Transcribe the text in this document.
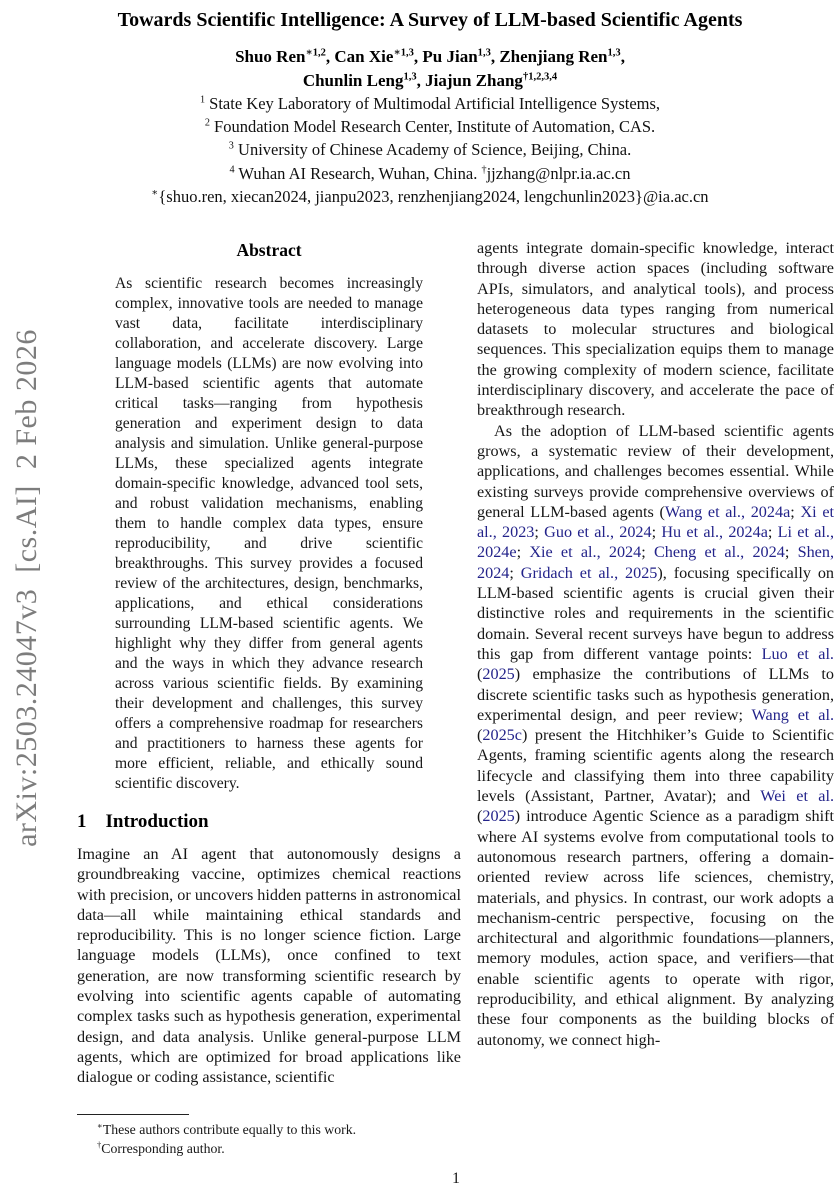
arXiv:2503.24047v3  [cs.AI]  2 Feb 2026
Towards Scientific Intelligence: A Survey of LLM-based Scientific Agents
Shuo Ren$^{∗1,2}$, Can Xie$^{∗1,3}$, Pu Jian$^{1,3}$, Zhenjiang Ren$^{1,3}$,
Chunlin Leng$^{1,3}$, Jiajun Zhang$^{\dagger 1,2,3,4}$
$^1$ State Key Laboratory of Multimodal Artificial Intelligence Systems,
$^2$ Foundation Model Research Center, Institute of Automation, CAS.
$^3$ University of Chinese Academy of Science, Beijing, China.
$^4$ Wuhan AI Research, Wuhan, China. †jjzhang@nlpr.ia.ac.cn
∗{shuo.ren, xiecan2024, jianpu2023, renzhenjiang2024, lengchunlin2023}@ia.ac.cn
Abstract

As scientific research becomes increasingly complex, innovative tools are needed to manage vast data, facilitate interdisciplinary collaboration, and accelerate discovery. Large language models (LLMs) are now evolving into LLM-based scientific agents that automate critical tasks—ranging from hypothesis generation and experiment design to data analysis and simulation. Unlike general-purpose LLMs, these specialized agents integrate domain-specific knowledge, advanced tool sets, and robust validation mechanisms, enabling them to handle complex data types, ensure reproducibility, and drive scientific breakthroughs. This survey provides a focused review of the architectures, design, benchmarks, applications, and ethical considerations surrounding LLM-based scientific agents. We highlight why they differ from general agents and the ways in which they advance research across various scientific fields. By examining their development and challenges, this survey offers a comprehensive roadmap for researchers and practitioners to harness these agents for more efficient, reliable, and ethically sound scientific discovery.

1 Introduction

Imagine an AI agent that autonomously designs a groundbreaking vaccine, optimizes chemical reactions with precision, or uncovers hidden patterns in astronomical data—all while maintaining ethical standards and reproducibility. This is no longer science fiction. Large language models (LLMs), once confined to text generation, are now transforming scientific research by evolving into scientific agents capable of automating complex tasks such as hypothesis generation, experimental design, and data analysis. Unlike general-purpose LLM agents, which are optimized for broad applications like dialogue or coding assistance, scientific

agents integrate domain-specific knowledge, interact through diverse action spaces (including software APIs, simulators, and analytical tools), and process heterogeneous data types ranging from numerical datasets to molecular structures and biological sequences. This specialization equips them to manage the growing complexity of modern science, facilitate interdisciplinary discovery, and accelerate the pace of breakthrough research.

As the adoption of LLM-based scientific agents grows, a systematic review of their development, applications, and challenges becomes essential. While existing surveys provide comprehensive overviews of general LLM-based agents (Wang et al., 2024a; Xi et al., 2023; Guo et al., 2024; Hu et al., 2024a; Li et al., 2024e; Xie et al., 2024; Cheng et al., 2024; Shen, 2024; Gridach et al., 2025), focusing specifically on LLM-based scientific agents is crucial given their distinctive roles and requirements in the scientific domain. Several recent surveys have begun to address this gap from different vantage points: Luo et al. (2025) emphasize the contributions of LLMs to discrete scientific tasks such as hypothesis generation, experimental design, and peer review; Wang et al. (2025c) present the Hitchhiker’s Guide to Scientific Agents, framing scientific agents along the research lifecycle and classifying them into three capability levels (Assistant, Partner, Avatar); and Wei et al. (2025) introduce Agentic Science as a paradigm shift where AI systems evolve from computational tools to autonomous research partners, offering a domain-oriented review across life sciences, chemistry, materials, and physics. In contrast, our work adopts a mechanism-centric perspective, focusing on the architectural and algorithmic foundations—planners, memory modules, action space, and verifiers—that enable scientific agents to operate with rigor, reproducibility, and ethical alignment. By analyzing these four components as the building blocks of autonomy, we connect high-

∗These authors contribute equally to this work.

†Corresponding author.

1
